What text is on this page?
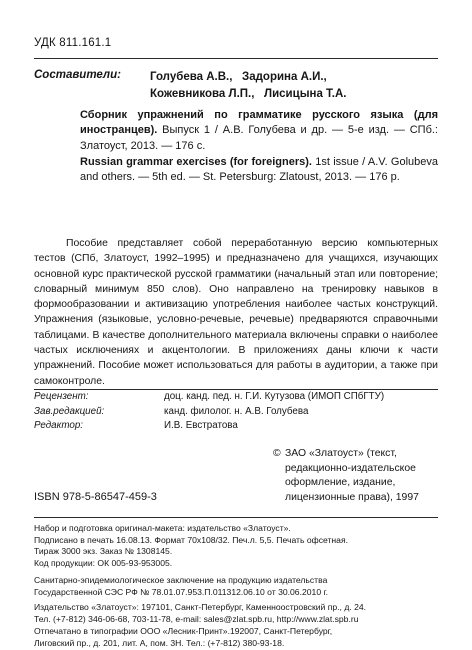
УДК 811.161.1
Составители:	Голубева А.В.,   Задорина А.И.,
Кожевникова Л.П.,   Лисицына Т.А.
Сборник упражнений по грамматике русского языка (для иностранцев). Выпуск 1 / А.В. Голубева и др. — 5-е изд. — СПб.: Златоуст, 2013. — 176 с.
Russian grammar exercises (for foreigners). 1st issue / A.V. Golubeva and others. — 5th ed. — St. Petersburg: Zlatoust, 2013. — 176 p.

Пособие представляет собой переработанную версию компьютерных тестов (СПб, Златоуст, 1992–1995) и предназначено для учащихся, изучающих основной курс практической русской грамматики (начальный этап или повторение; словарный минимум 850 слов). Оно направлено на тренировку навыков в формообразовании и активизацию употребления наиболее частых конструкций. Упражнения (языковые, условно-речевые, речевые) предваряются справочными таблицами. В качестве дополнительного материала включены справки о наиболее частых исключениях и акцентологии. В приложениях даны ключи к части упражнений. Пособие может использоваться для работы в аудитории, а также при самоконтроле.

Рецензент:	доц. канд. пед. н. Г.И. Кутузова (ИМОП СПбГТУ)
Зав.редакцией:	канд. филолог. н. А.В. Голубева
Редактор:	И.В. Евстратова
© ЗАО «Златоуст» (текст, редакционно-издательское оформление, издание, лицензионные права), 1997
ISBN 978-5-86547-459-3
Набор и подготовка оригинал-макета: издательство «Златоуст».
Подписано в печать 16.08.13. Формат 70x108/32. Печ.л. 5,5. Печать офсетная.
Тираж 3000 экз. Заказ № 1308145.
Код продукции: ОК 005-93-953005.
Санитарно-эпидемиологическое заключение на продукцию издательства
Государственной СЭС РФ № 78.01.07.953.П.011312.06.10 от 30.06.2010 г.
Издательство «Златоуст»: 197101, Санкт-Петербург, Каменноостровский пр., д. 24.
Тел. (+7-812) 346-06-68, 703-11-78, e-mail: sales@zlat.spb.ru, http://www.zlat.spb.ru
Отпечатано в типографии ООО «Лесник-Принт».192007, Санкт-Петербург,
Лиговский пр., д. 201, лит. А, пом. 3Н. Тел.: (+7-812) 380-93-18.
